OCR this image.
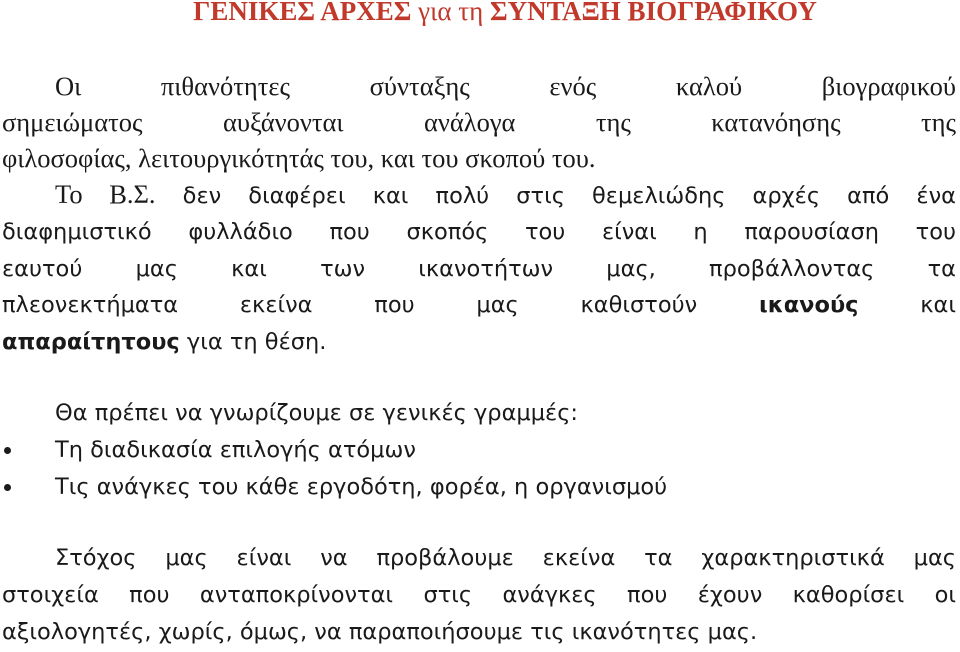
ΓΕΝΙΚΕΣ ΑΡΧΕΣ για τη ΣΥΝΤΑΞΗ ΒΙΟΓΡΑΦΙΚΟΥ
Οι πιθανότητες σύνταξης ενός καλού βιογραφικού
σημειώματος αυξάνονται ανάλογα της κατανόησης της
φιλοσοφίας, λειτουργικότητάς του, και του σκοπού του.
Το Β.Σ. δεν διαφέρει και πολύ στις θεμελιώδης αρχές από ένα
διαφημιστικό φυλλάδιο που σκοπός του είναι η παρουσίαση του
εαυτού μας και των ικανοτήτων μας, προβάλλοντας τα
πλεονεκτήματα εκείνα που μας καθιστούν ικανούς και
απαραίτητους για τη θέση.
Θα πρέπει να γνωρίζουμε σε γενικές γραμμές:
Τη διαδικασία επιλογής ατόμων
Τις ανάγκες του κάθε εργοδότη, φορέα, η οργανισμού
Στόχος μας είναι να προβάλουμε εκείνα τα χαρακτηριστικά μας
στοιχεία που ανταποκρίνονται στις ανάγκες που έχουν καθορίσει οι
αξιολογητές, χωρίς, όμως, να παραποιήσουμε τις ικανότητες μας.
